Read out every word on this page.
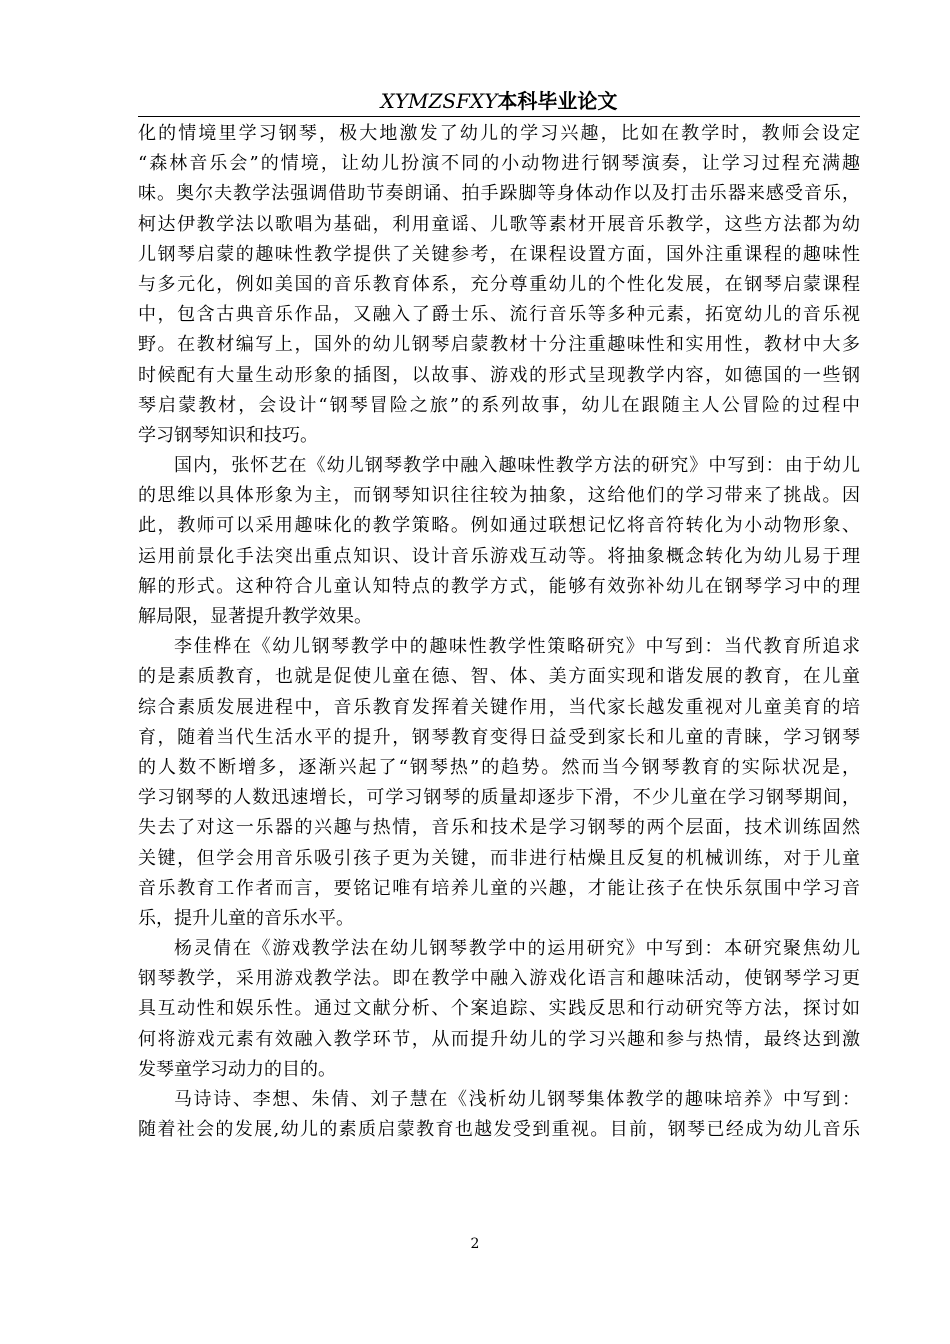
XYMZSFXY本科毕业论文
化的情境里学习钢琴，极大地激发了幼儿的学习兴趣，比如在教学时，教师会设定
“森林音乐会”的情境，让幼儿扮演不同的小动物进行钢琴演奏，让学习过程充满趣
味。奥尔夫教学法强调借助节奏朗诵、拍手跺脚等身体动作以及打击乐器来感受音乐，
柯达伊教学法以歌唱为基础，利用童谣、儿歌等素材开展音乐教学，这些方法都为幼
儿钢琴启蒙的趣味性教学提供了关键参考，在课程设置方面，国外注重课程的趣味性
与多元化，例如美国的音乐教育体系，充分尊重幼儿的个性化发展，在钢琴启蒙课程
中，包含古典音乐作品，又融入了爵士乐、流行音乐等多种元素，拓宽幼儿的音乐视
野。在教材编写上，国外的幼儿钢琴启蒙教材十分注重趣味性和实用性，教材中大多
时候配有大量生动形象的插图，以故事、游戏的形式呈现教学内容，如德国的一些钢
琴启蒙教材，会设计“钢琴冒险之旅”的系列故事，幼儿在跟随主人公冒险的过程中
学习钢琴知识和技巧。
国内，张怀艺在《幼儿钢琴教学中融入趣味性教学方法的研究》中写到：由于幼儿
的思维以具体形象为主，而钢琴知识往往较为抽象，这给他们的学习带来了挑战。因
此，教师可以采用趣味化的教学策略。例如通过联想记忆将音符转化为小动物形象、
运用前景化手法突出重点知识、设计音乐游戏互动等。将抽象概念转化为幼儿易于理
解的形式。这种符合儿童认知特点的教学方式，能够有效弥补幼儿在钢琴学习中的理
解局限，显著提升教学效果。
李佳桦在《幼儿钢琴教学中的趣味性教学性策略研究》中写到：当代教育所追求
的是素质教育，也就是促使儿童在德、智、体、美方面实现和谐发展的教育，在儿童
综合素质发展进程中，音乐教育发挥着关键作用，当代家长越发重视对儿童美育的培
育，随着当代生活水平的提升，钢琴教育变得日益受到家长和儿童的青睐，学习钢琴
的人数不断增多，逐渐兴起了“钢琴热”的趋势。然而当今钢琴教育的实际状况是，
学习钢琴的人数迅速增长，可学习钢琴的质量却逐步下滑，不少儿童在学习钢琴期间，
失去了对这一乐器的兴趣与热情，音乐和技术是学习钢琴的两个层面，技术训练固然
关键，但学会用音乐吸引孩子更为关键，而非进行枯燥且反复的机械训练，对于儿童
音乐教育工作者而言，要铭记唯有培养儿童的兴趣，才能让孩子在快乐氛围中学习音
乐，提升儿童的音乐水平。
杨灵倩在《游戏教学法在幼儿钢琴教学中的运用研究》中写到：本研究聚焦幼儿
钢琴教学，采用游戏教学法。即在教学中融入游戏化语言和趣味活动，使钢琴学习更
具互动性和娱乐性。通过文献分析、个案追踪、实践反思和行动研究等方法，探讨如
何将游戏元素有效融入教学环节，从而提升幼儿的学习兴趣和参与热情，最终达到激
发琴童学习动力的目的。
马诗诗、李想、朱倩、刘子慧在《浅析幼儿钢琴集体教学的趣味培养》中写到：
随着社会的发展,幼儿的素质启蒙教育也越发受到重视。目前，钢琴已经成为幼儿音乐
2
